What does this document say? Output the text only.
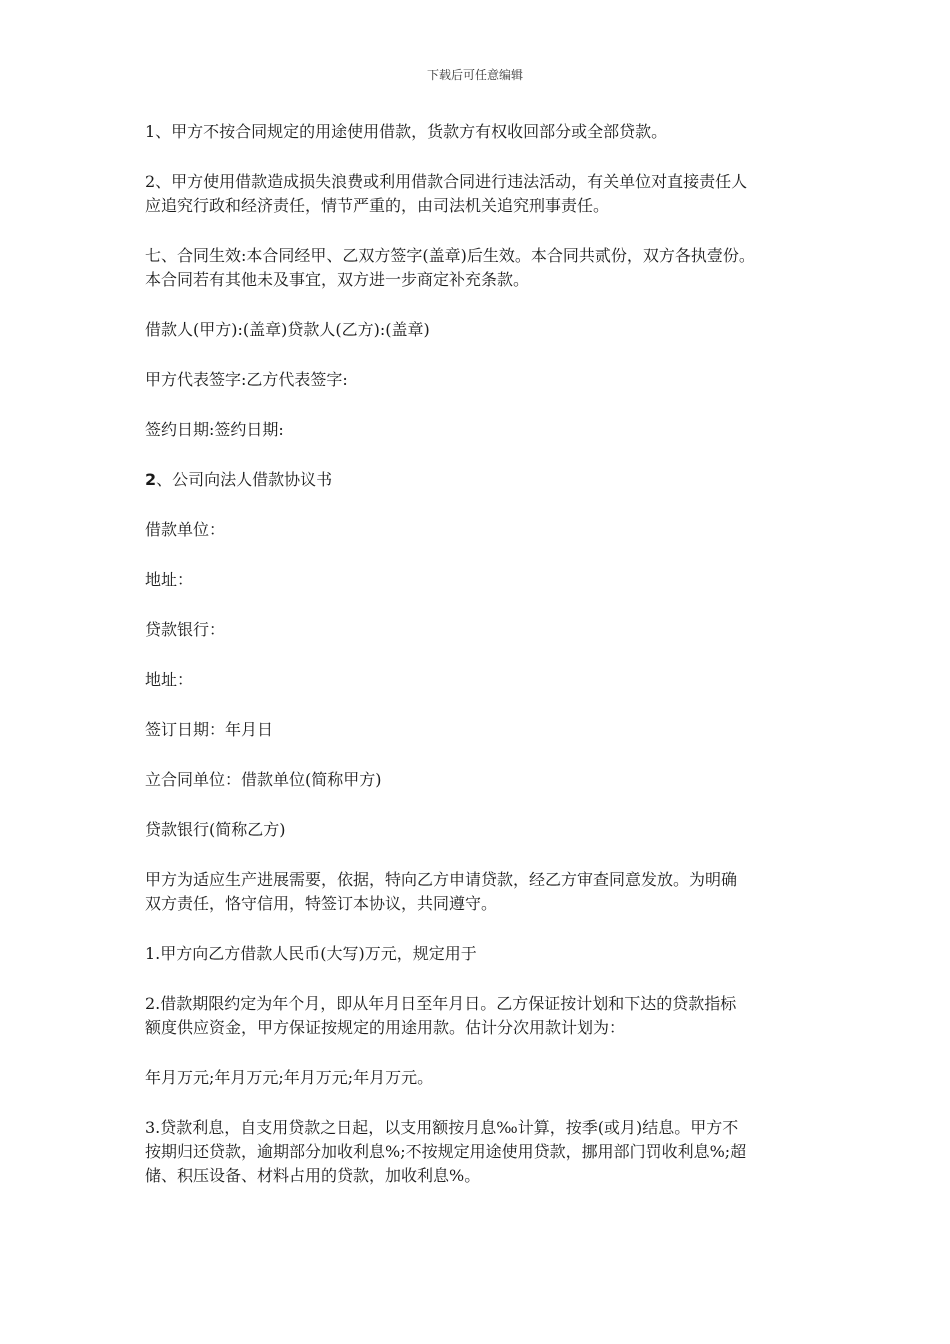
下载后可任意编辑
1、甲方不按合同规定的用途使用借款，货款方有权收回部分或全部贷款。
2、甲方使用借款造成损失浪费或利用借款合同进行违法活动，有关单位对直接责任人
应追究行政和经济责任，情节严重的，由司法机关追究刑事责任。
七、合同生效:本合同经甲、乙双方签字(盖章)后生效。本合同共贰份，双方各执壹份。
本合同若有其他未及事宜，双方进一步商定补充条款。
借款人(甲方):(盖章)贷款人(乙方):(盖章)
甲方代表签字:乙方代表签字:
签约日期:签约日期:
2、公司向法人借款协议书
借款单位：
地址：
贷款银行：
地址：
签订日期：年月日
立合同单位：借款单位(简称甲方)
贷款银行(简称乙方)
甲方为适应生产进展需要，依据，特向乙方申请贷款，经乙方审查同意发放。为明确
双方责任，恪守信用，特签订本协议，共同遵守。
1.甲方向乙方借款人民币(大写)万元，规定用于
2.借款期限约定为年个月，即从年月日至年月日。乙方保证按计划和下达的贷款指标
额度供应资金，甲方保证按规定的用途用款。估计分次用款计划为：
年月万元;年月万元;年月万元;年月万元。
3.贷款利息，自支用贷款之日起，以支用额按月息‰计算，按季(或月)结息。甲方不
按期归还贷款，逾期部分加收利息%;不按规定用途使用贷款，挪用部门罚收利息%;超
储、积压设备、材料占用的贷款，加收利息%。
